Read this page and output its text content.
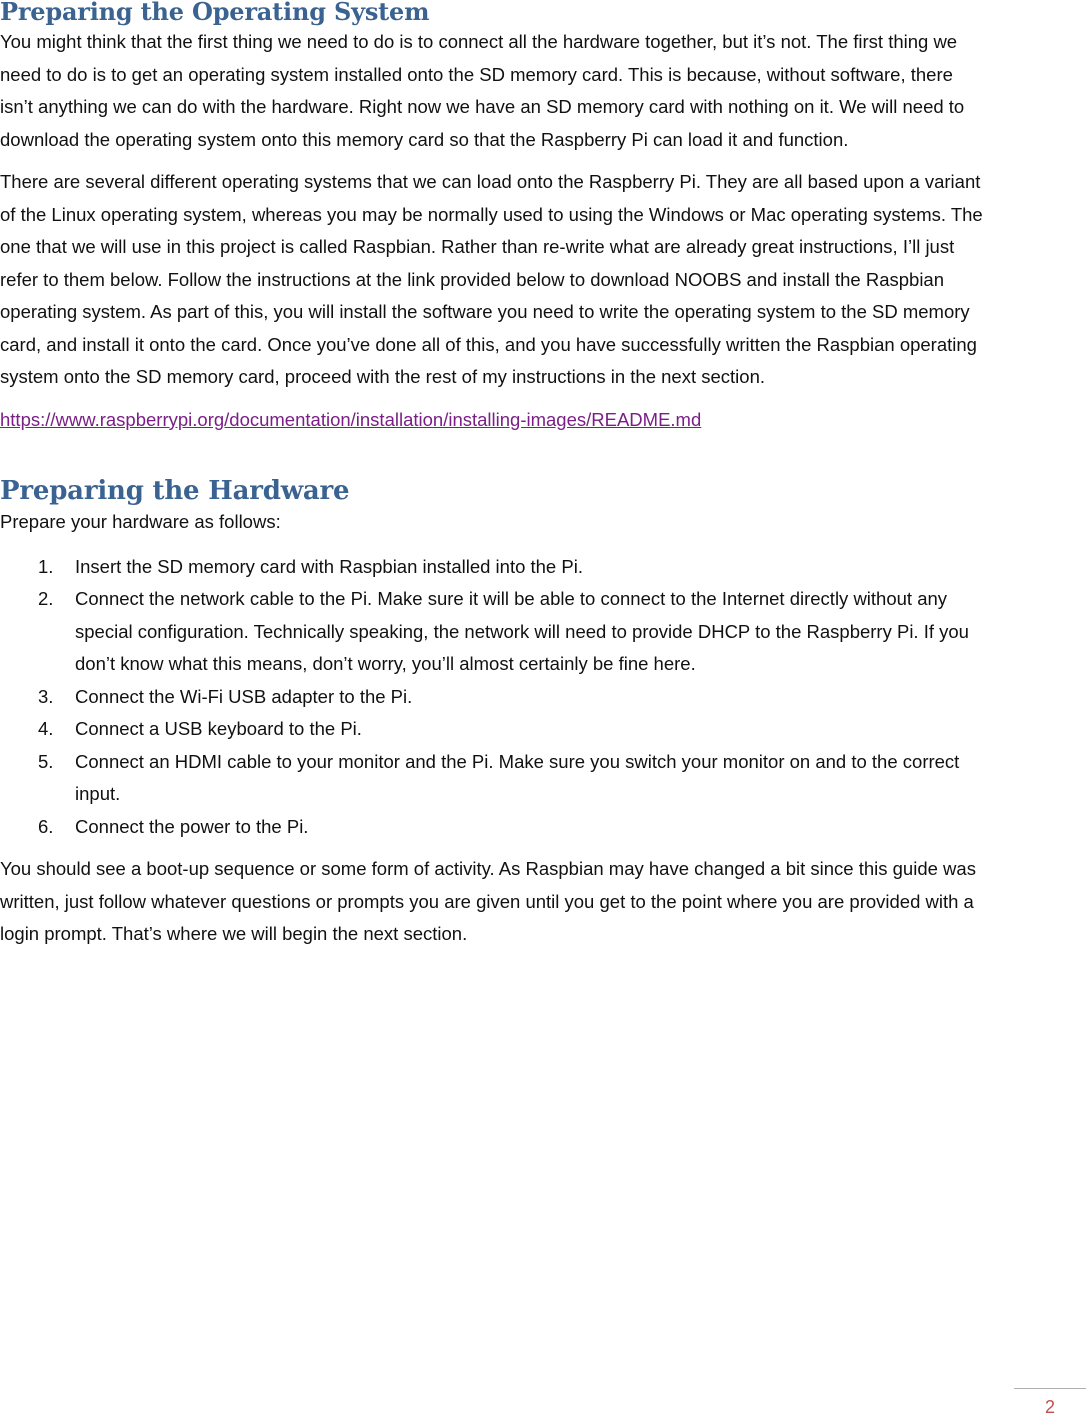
Preparing the Operating System

You might think that the first thing we need to do is to connect all the hardware together, but it’s not. The first thing we need to do is to get an operating system installed onto the SD memory card. This is because, without software, there isn’t anything we can do with the hardware. Right now we have an SD memory card with nothing on it. We will need to download the operating system onto this memory card so that the Raspberry Pi can load it and function.

There are several different operating systems that we can load onto the Raspberry Pi. They are all based upon a variant of the Linux operating system, whereas you may be normally used to using the Windows or Mac operating systems. The one that we will use in this project is called Raspbian. Rather than re-write what are already great instructions, I’ll just refer to them below. Follow the instructions at the link provided below to download NOOBS and install the Raspbian operating system. As part of this, you will install the software you need to write the operating system to the SD memory card, and install it onto the card. Once you’ve done all of this, and you have successfully written the Raspbian operating system onto the SD memory card, proceed with the rest of my instructions in the next section.

https://www.raspberrypi.org/documentation/installation/installing-images/README.md
Preparing the Hardware

Prepare your hardware as follows:

1.	Insert the SD memory card with Raspbian installed into the Pi.
2.	Connect the network cable to the Pi. Make sure it will be able to connect to the Internet directly without any special configuration. Technically speaking, the network will need to provide DHCP to the Raspberry Pi. If you don’t know what this means, don’t worry, you’ll almost certainly be fine here.
3.	Connect the Wi-Fi USB adapter to the Pi.
4.	Connect a USB keyboard to the Pi.
5.	Connect an HDMI cable to your monitor and the Pi. Make sure you switch your monitor on and to the correct input.
6.	Connect the power to the Pi.

You should see a boot-up sequence or some form of activity. As Raspbian may have changed a bit since this guide was written, just follow whatever questions or prompts you are given until you get to the point where you are provided with a login prompt. That’s where we will begin the next section.

2
